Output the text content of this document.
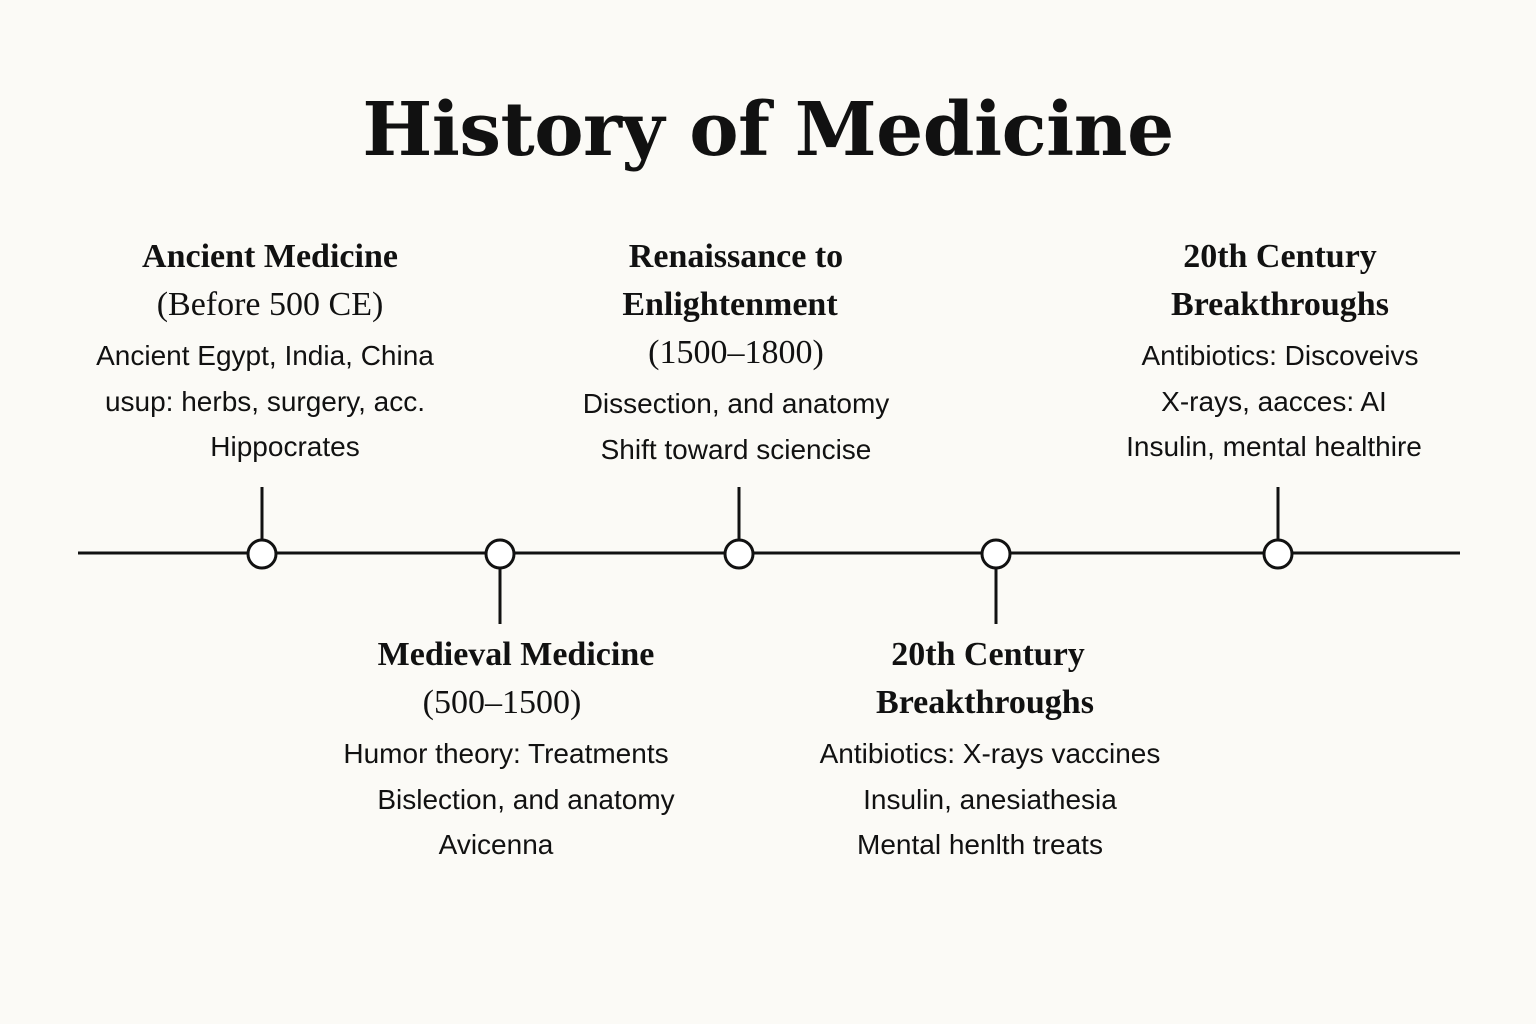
History of Medicine
Ancient Medicine
(Before 500 CE)
Ancient Egypt, India, China
usup: herbs, surgery, acc.
Hippocrates
Medieval Medicine
(500–1500)
Humor theory: Treatments
Bislection, and anatomy
Avicenna
Renaissance to
Enlightenment
(1500–1800)
Dissection, and anatomy
Shift toward sciencise
20th Century
Breakthroughs
Antibiotics: X-rays vaccines
Insulin, anesiathesia
Mental henlth treats
20th Century
Breakthroughs
Antibiotics: Discoveivs
X-rays, aacces: AI
Insulin, mental healthire
